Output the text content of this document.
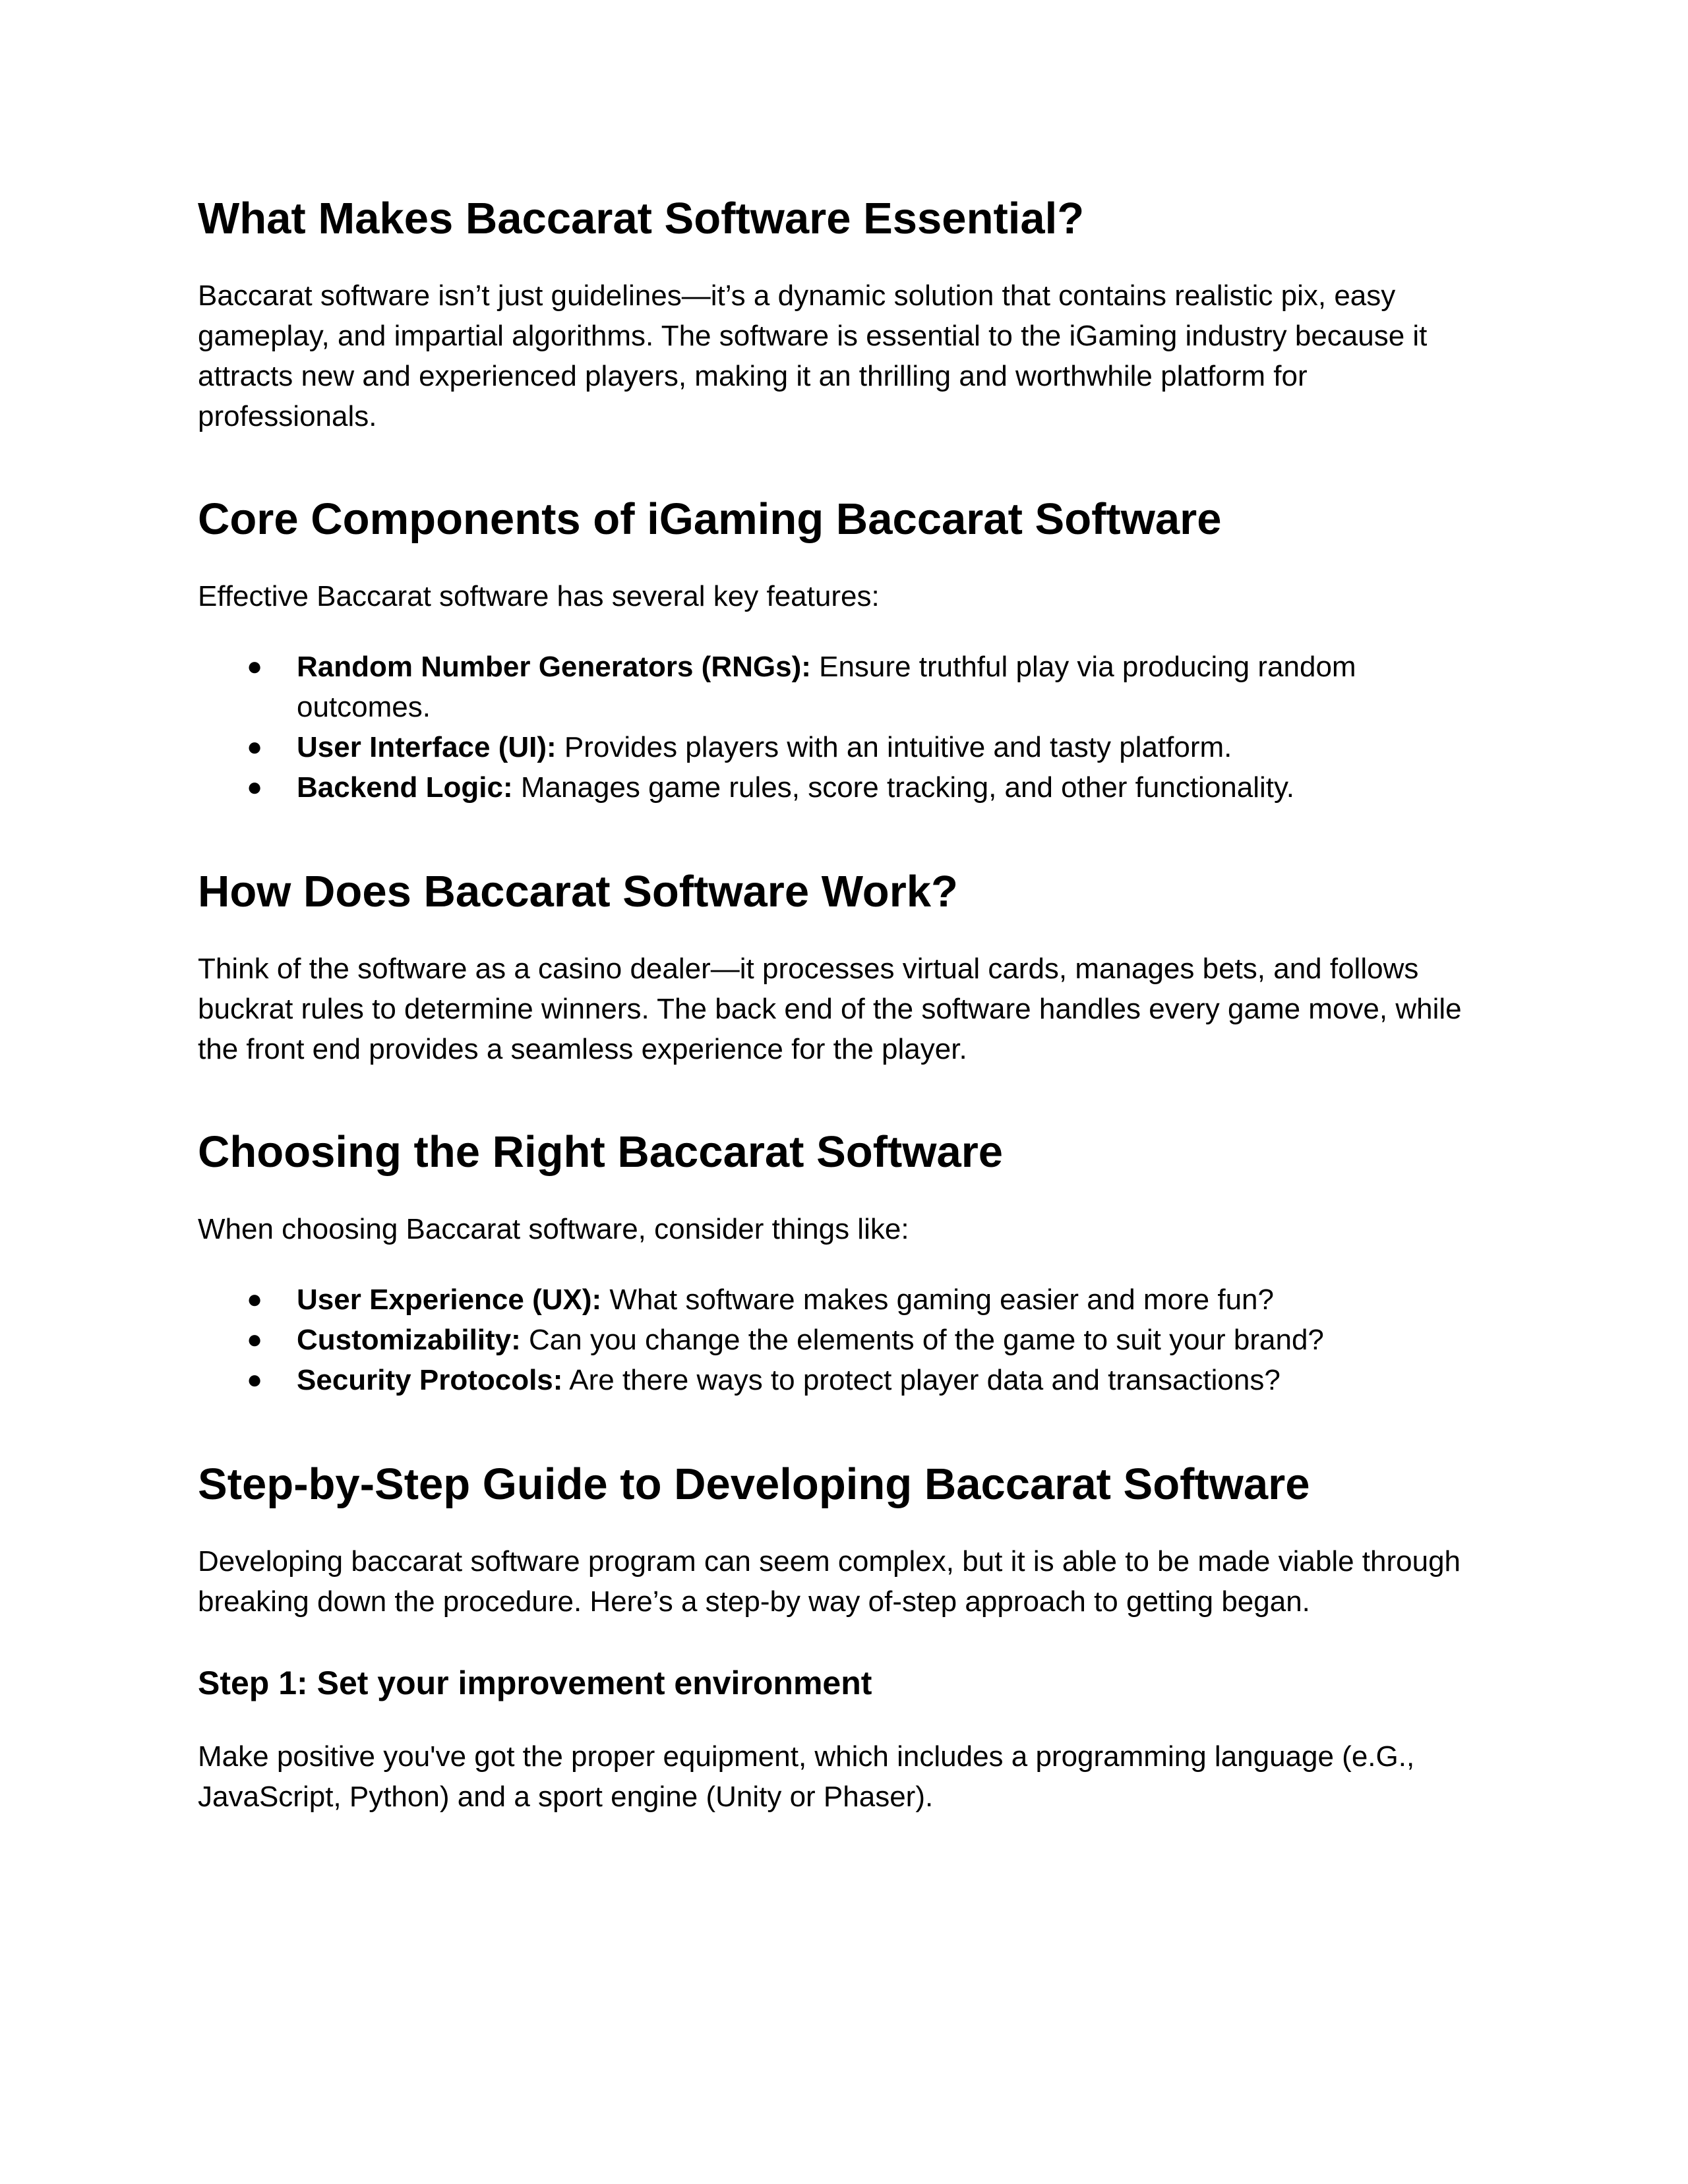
What Makes Baccarat Software Essential?

Baccarat software isn’t just guidelines—it’s a dynamic solution that contains realistic pix, easy gameplay, and impartial algorithms. The software is essential to the iGaming industry because it attracts new and experienced players, making it an thrilling and worthwhile platform for professionals.

Core Components of iGaming Baccarat Software

Effective Baccarat software has several key features:

● Random Number Generators (RNGs): Ensure truthful play via producing random outcomes.
● User Interface (UI): Provides players with an intuitive and tasty platform.
● Backend Logic: Manages game rules, score tracking, and other functionality.
How Does Baccarat Software Work?

Think of the software as a casino dealer—it processes virtual cards, manages bets, and follows buckrat rules to determine winners. The back end of the software handles every game move, while the front end provides a seamless experience for the player.

Choosing the Right Baccarat Software

When choosing Baccarat software, consider things like:

● User Experience (UX): What software makes gaming easier and more fun?
● Customizability: Can you change the elements of the game to suit your brand?
● Security Protocols: Are there ways to protect player data and transactions?
Step-by-Step Guide to Developing Baccarat Software

Developing baccarat software program can seem complex, but it is able to be made viable through breaking down the procedure. Here’s a step-by way of-step approach to getting began.

Step 1: Set your improvement environment

Make positive you've got the proper equipment, which includes a programming language (e.G., JavaScript, Python) and a sport engine (Unity or Phaser).
